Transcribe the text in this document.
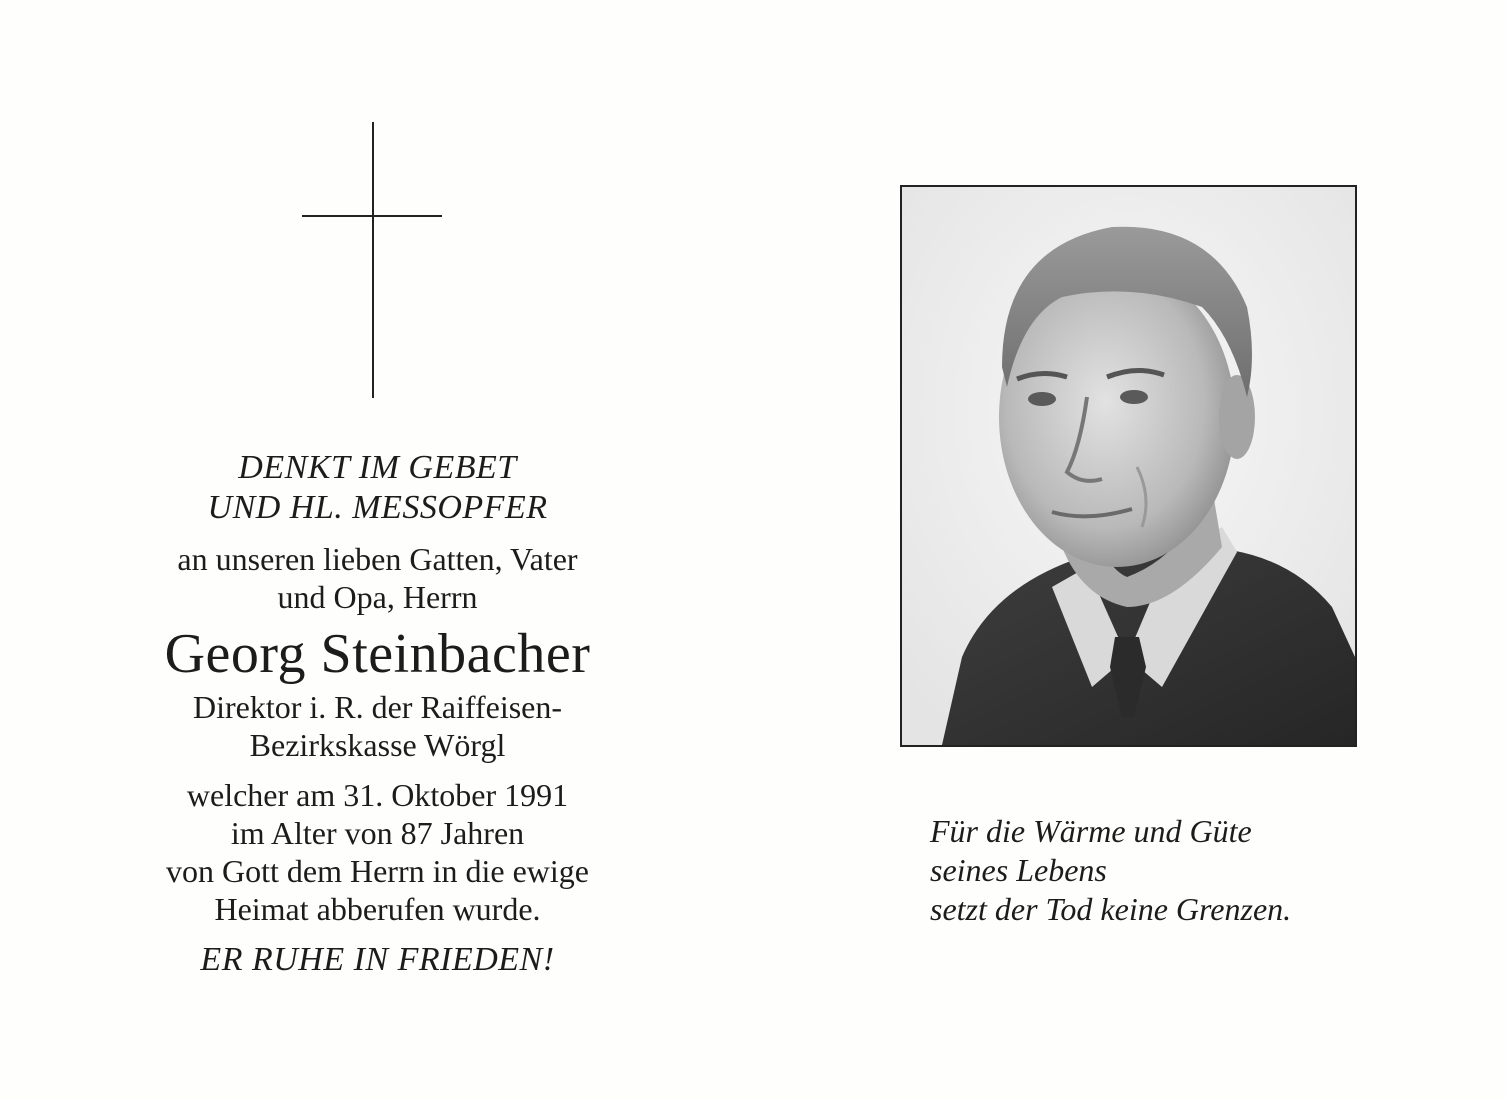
DENKT IM GEBET
UND HL. MESSOPFER
an unseren lieben Gatten, Vater
und Opa, Herrn
Georg Steinbacher
Direktor i. R. der Raiffeisen-
Bezirkskasse Wörgl
welcher am 31. Oktober 1991
im Alter von 87 Jahren
von Gott dem Herrn in die ewige
Heimat abberufen wurde.
ER RUHE IN FRIEDEN!
Für die Wärme und Güte
seines Lebens
setzt der Tod keine Grenzen.
